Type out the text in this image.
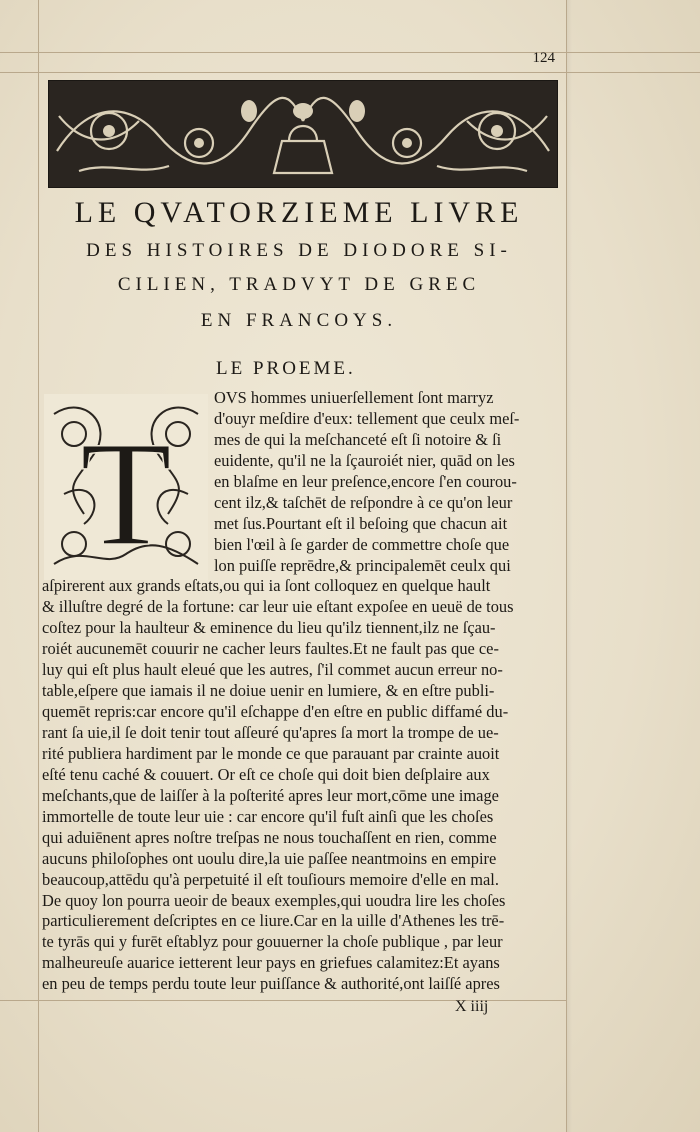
124
LE QVATORZIEME LIVRE
DES HISTOIRES DE DIODORE SI-
CILIEN, TRADVYT DE GREC
EN FRANCOYS.
LE PROEME.
T
OVS hommes uniuerſellement ſont marryz
d'ouyr meſdire d'eux: tellement que ceulx meſ-
mes de qui la meſchanceté eſt ſi notoire & ſi
euidente, qu'il ne la ſçauroiét nier, quād on les
en blaſme en leur preſence,encore ſ'en courou-
cent ilz,& taſchēt de reſpondre à ce qu'on leur
met ſus.Pourtant eſt il beſoing que chacun ait
bien l'œil à ſe garder de commettre choſe que
lon puiſſe reprēdre,& principalemēt ceulx qui
aſpirerent aux grands eſtats,ou qui ia ſont colloquez en quelque hault
& illuſtre degré de la fortune: car leur uie eſtant expoſee en ueuë de tous
coſtez pour la haulteur & eminence du lieu qu'ilz tiennent,ilz ne ſçau-
roiét aucunemēt couurir ne cacher leurs faultes.Et ne fault pas que ce-
luy qui eſt plus hault eleué que les autres, ſ'il commet aucun erreur no-
table,eſpere que iamais il ne doiue uenir en lumiere, & en eſtre publi-
quemēt repris:car encore qu'il eſchappe d'en eſtre en public diffamé du-
rant ſa uie,il ſe doit tenir tout aſſeuré qu'apres ſa mort la trompe de ue-
rité publiera hardiment par le monde ce que parauant par crainte auoit
eſté tenu caché & couuert. Or eſt ce choſe qui doit bien deſplaire aux
meſchants,que de laiſſer à la poſterité apres leur mort,cōme une image
immortelle de toute leur uie : car encore qu'il fuſt ainſi que les choſes
qui aduiēnent apres noſtre treſpas ne nous touchaſſent en rien, comme
aucuns philoſophes ont uoulu dire,la uie paſſee neantmoins en empire
beaucoup,attēdu qu'à perpetuité il eſt touſiours memoire d'elle en mal.
De quoy lon pourra ueoir de beaux exemples,qui uoudra lire les choſes
particulierement deſcriptes en ce liure.Car en la uille d'Athenes les trē-
te tyrās qui y furēt eſtablyz pour gouuerner la choſe publique , par leur
malheureuſe auarice ietterent leur pays en griefues calamitez:Et ayans
en peu de temps perdu toute leur puiſſance & authorité,ont laiſſé apres
X iiij
